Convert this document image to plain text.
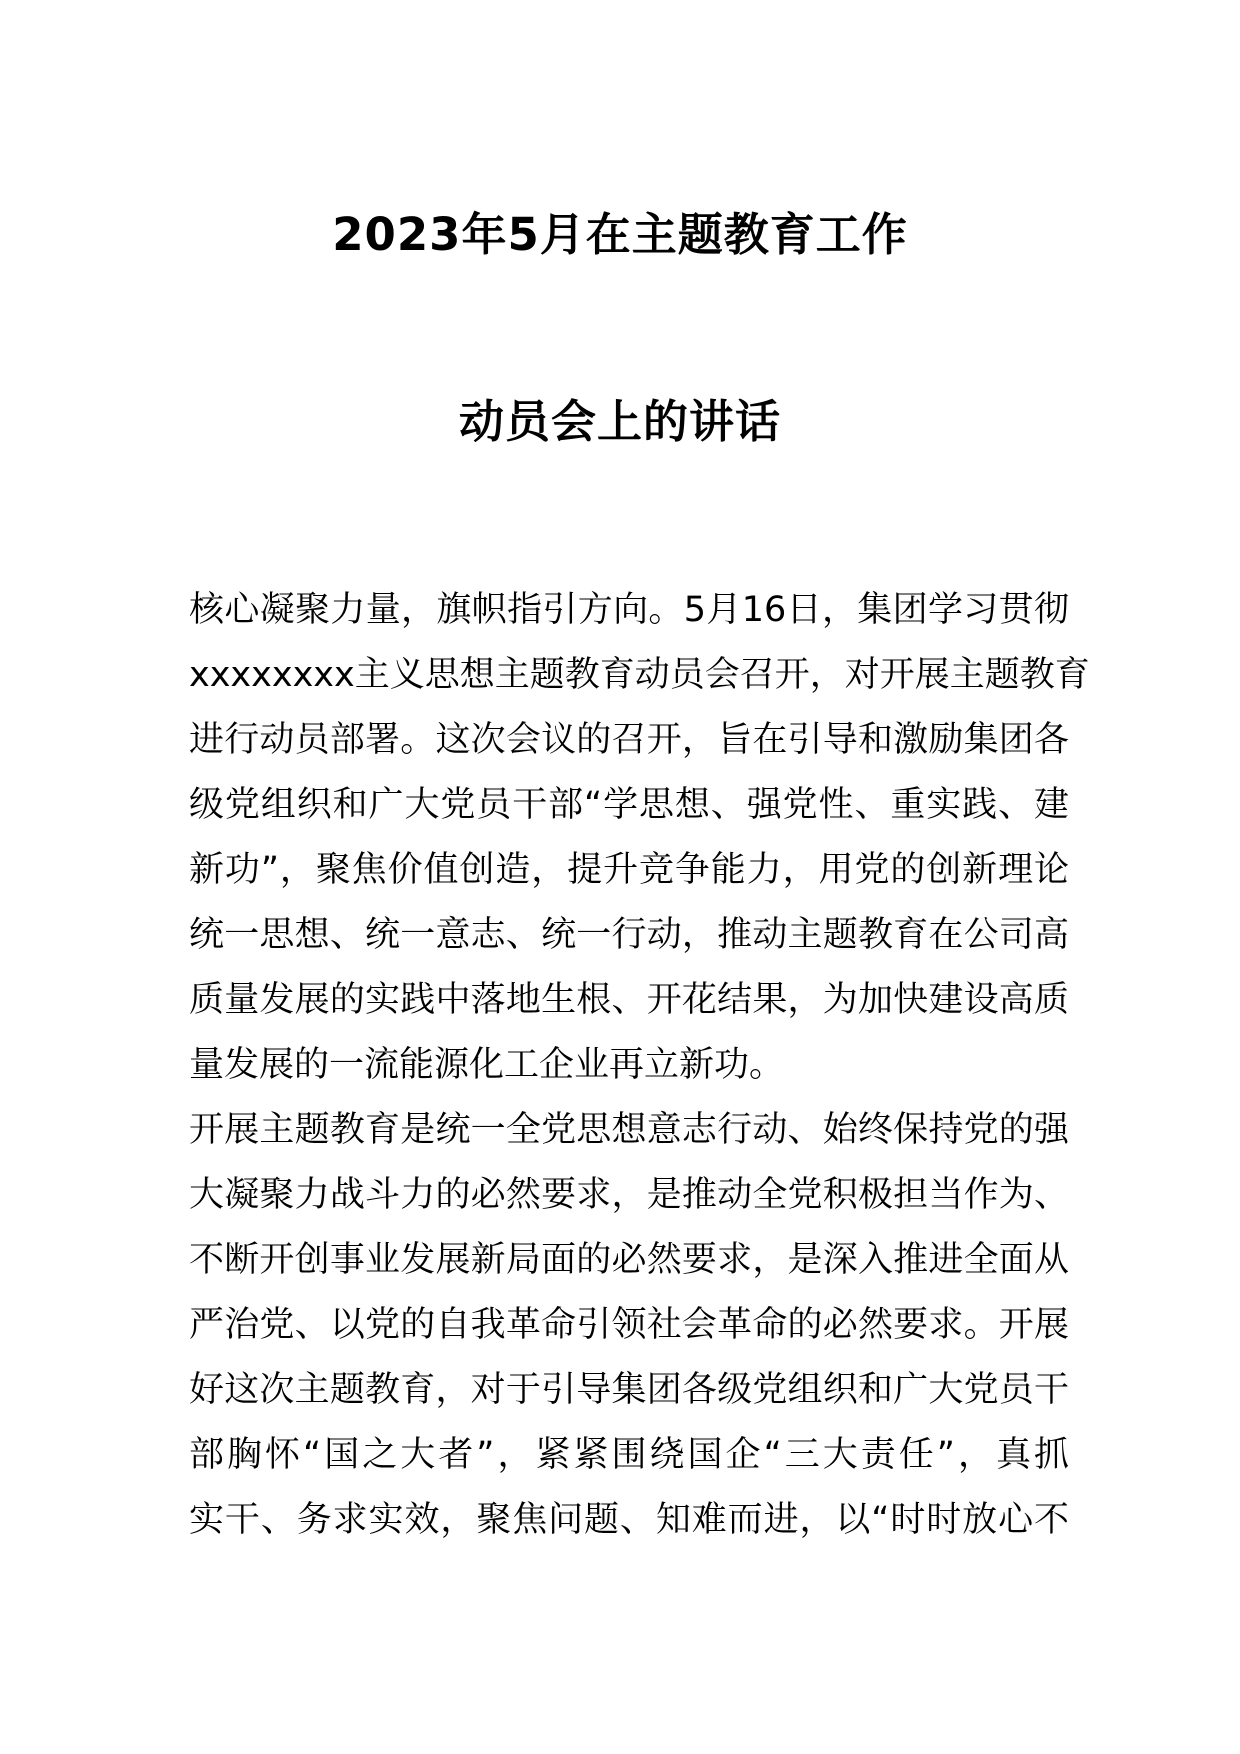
2023年5月在主题教育工作
动员会上的讲话
核心凝聚力量，旗帜指引方向。5月16日，集团学习贯彻
xxxxxxxx主义思想主题教育动员会召开，对开展主题教育
进行动员部署。这次会议的召开，旨在引导和激励集团各
级党组织和广大党员干部“学思想、强党性、重实践、建
新功”，聚焦价值创造，提升竞争能力，用党的创新理论
统一思想、统一意志、统一行动，推动主题教育在公司高
质量发展的实践中落地生根、开花结果，为加快建设高质
量发展的一流能源化工企业再立新功。
开展主题教育是统一全党思想意志行动、始终保持党的强
大凝聚力战斗力的必然要求，是推动全党积极担当作为、
不断开创事业发展新局面的必然要求，是深入推进全面从
严治党、以党的自我革命引领社会革命的必然要求。开展
好这次主题教育，对于引导集团各级党组织和广大党员干
部胸怀“国之大者”，紧紧围绕国企“三大责任”，真抓
实干、务求实效，聚焦问题、知难而进，以“时时放心不
